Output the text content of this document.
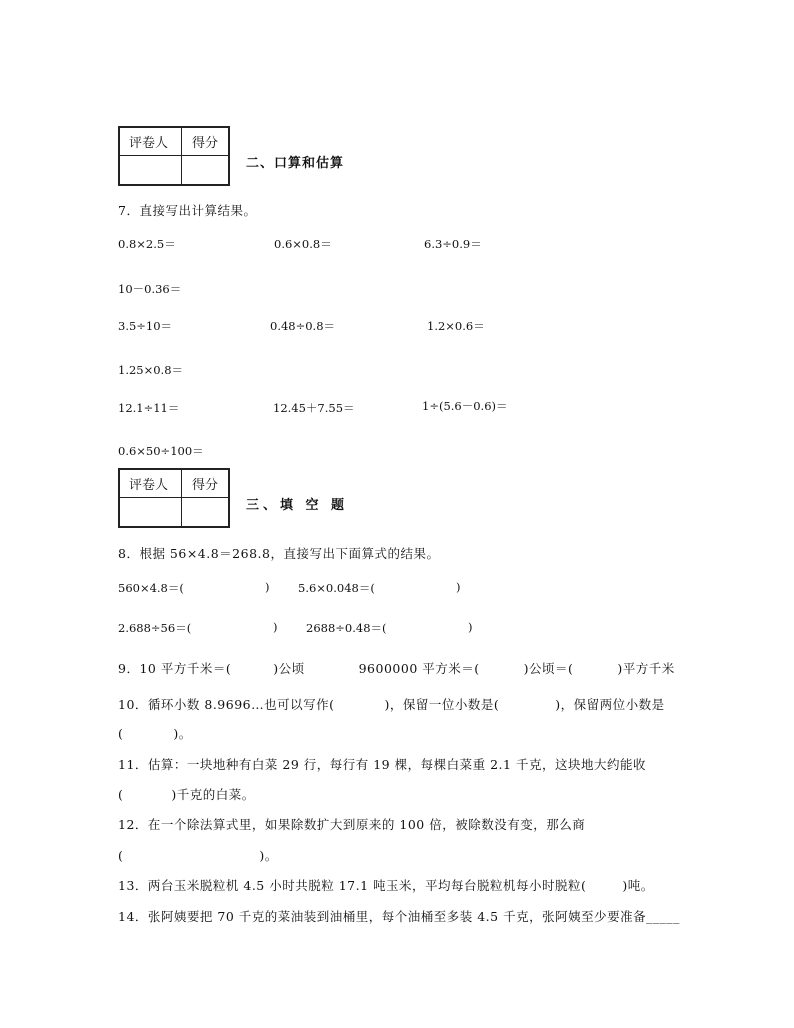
评卷人 得分
二、口算和估算
7．直接写出计算结果。
0.8×2.5＝	0.6×0.8＝	6.3÷0.9＝
10－0.36＝
3.5÷10＝	0.48÷0.8＝	1.2×0.6＝
1.25×0.8＝
12.1÷11＝	12.45＋7.55＝	1÷(5.6－0.6)＝
0.6×50÷100＝
评卷人 得分
三、填 空 题
8．根据 56×4.8＝268.8，直接写出下面算式的结果。
560×4.8＝(	) 5.6×0.048＝(	)
2.688÷56＝(	) 2688÷0.48＝(	)
9．10 平方千米＝(	)公顷	9600000 平方米＝(	)公顷＝(	)平方千米
10．循环小数 8.9696…也可以写作(	)，保留一位小数是(	)，保留两位小数是
(	)。
11．估算：一块地种有白菜 29 行，每行有 19 棵，每棵白菜重 2.1 千克，这块地大约能收
(	)千克的白菜。
12．在一个除法算式里，如果除数扩大到原来的 100 倍，被除数没有变，那么商
(	)。
13．两台玉米脱粒机 4.5 小时共脱粒 17.1 吨玉米，平均每台脱粒机每小时脱粒(	)吨。
14．张阿姨要把 70 千克的菜油装到油桶里，每个油桶至多装 4.5 千克，张阿姨至少要准备_____
